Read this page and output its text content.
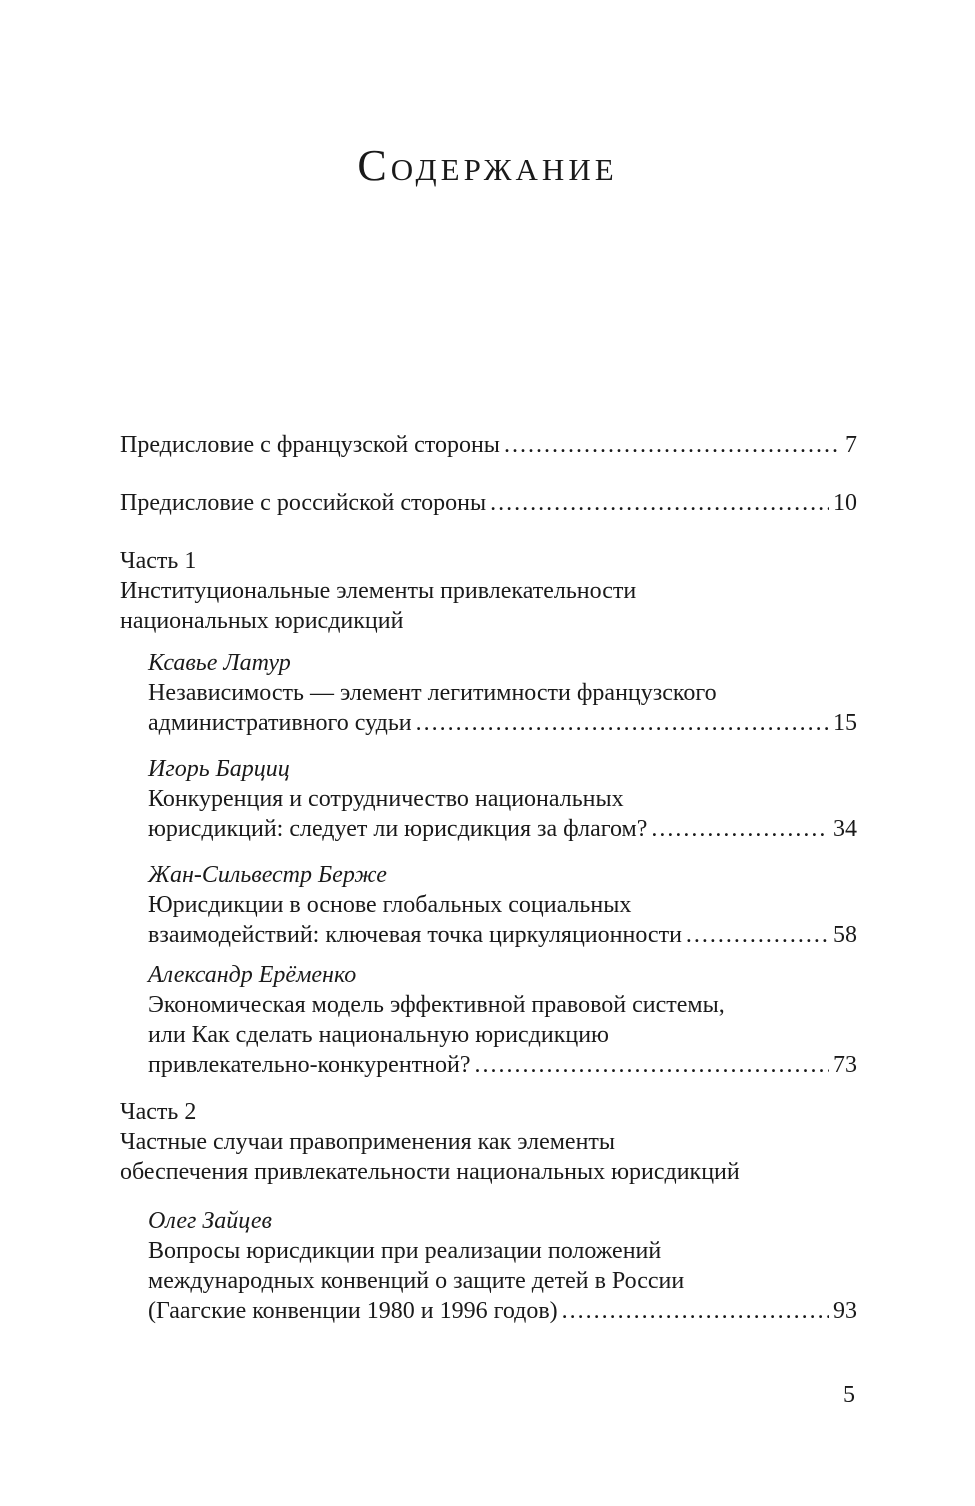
Содержание
Предисловие с французской стороны .....	7
Предисловие с российской стороны .....	10
Часть 1
Институциональные элементы привлекательности
национальных юрисдикций
Ксавье Латур
Независимость — элемент легитимности французского
административного судьи .....	15
Игорь Барциц
Конкуренция и сотрудничество национальных
юрисдикций: следует ли юрисдикция за флагом? .....	34
Жан-Сильвестр Берже
Юрисдикции в основе глобальных социальных
взаимодействий: ключевая точка циркуляционности .....	58
Александр Ерёменко
Экономическая модель эффективной правовой системы,
или Как сделать национальную юрисдикцию
привлекательно-конкурентной? .....	73
Часть 2
Частные случаи правоприменения как элементы
обеспечения привлекательности национальных юрисдикций
Олег Зайцев
Вопросы юрисдикции при реализации положений
международных конвенций о защите детей в России
(Гаагские конвенции 1980 и 1996 годов) .....	93
5
